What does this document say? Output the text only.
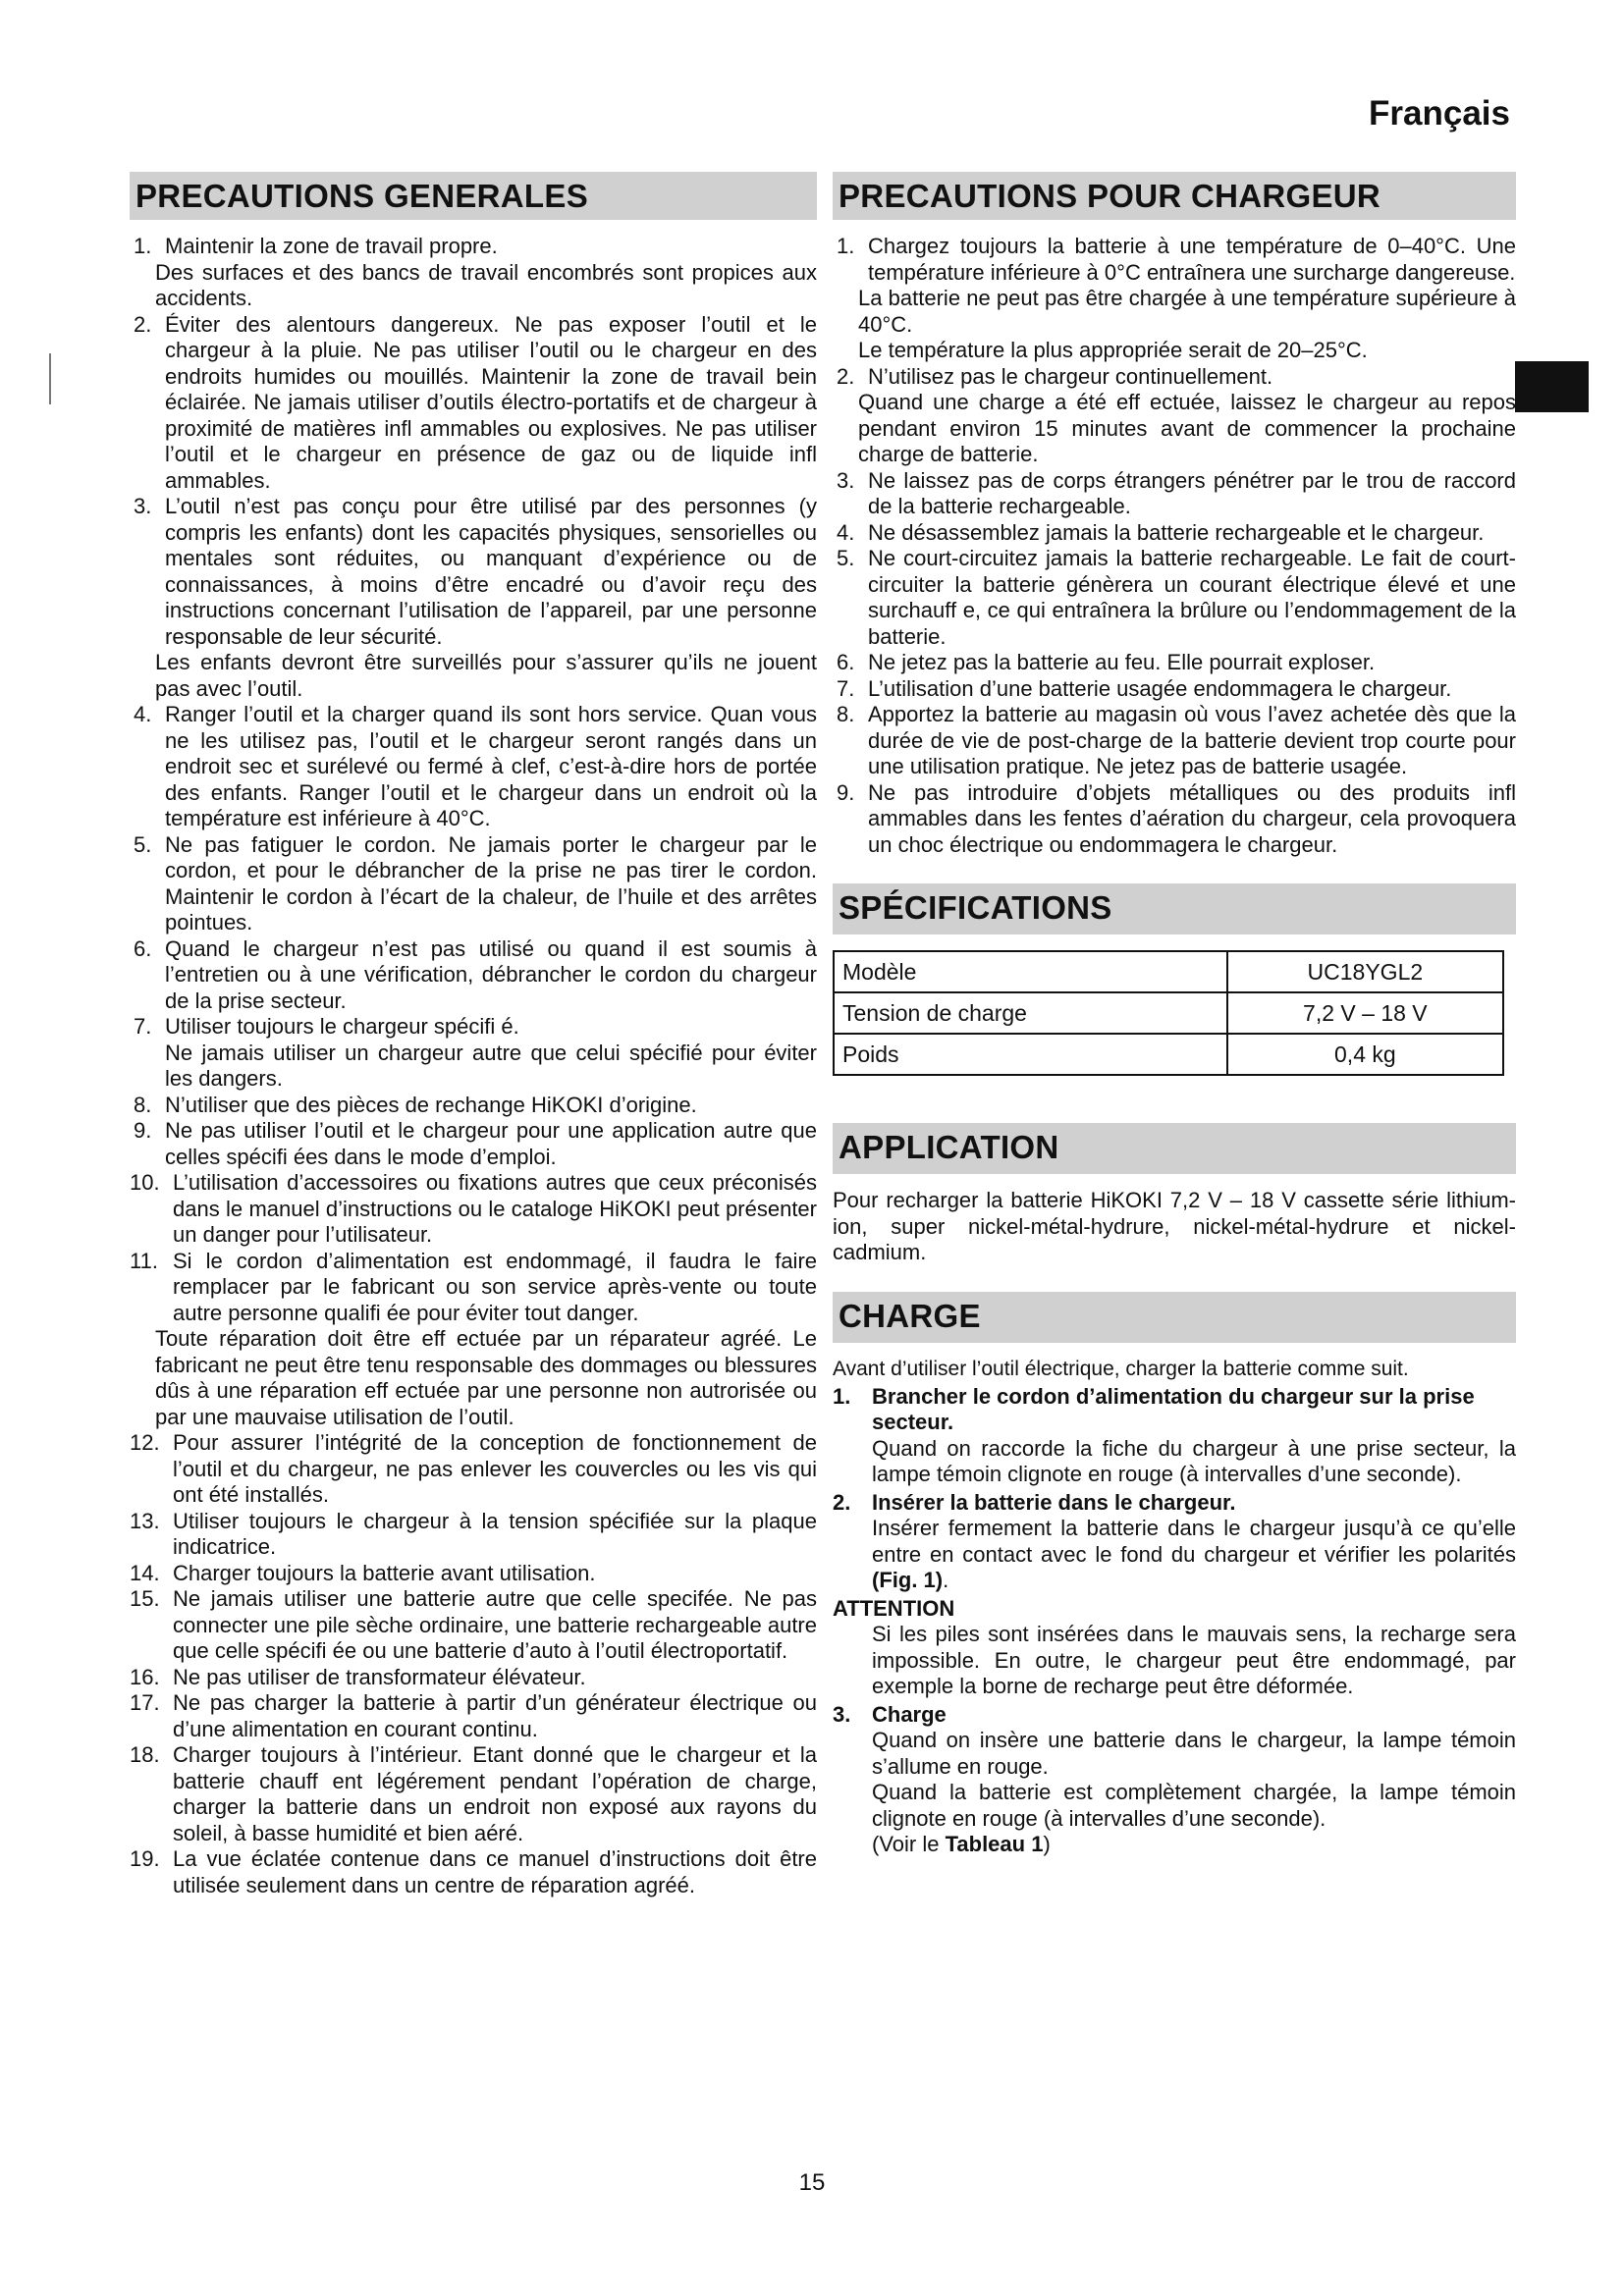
Français
PRECAUTIONS GENERALES
1. Maintenir la zone de travail propre.
Des surfaces et des bancs de travail encombrés sont propices aux accidents.
2. Éviter des alentours dangereux. Ne pas exposer l’outil et le chargeur à la pluie. Ne pas utiliser l’outil ou le chargeur en des endroits humides ou mouillés. Maintenir la zone de travail bein éclairée. Ne jamais utiliser d’outils électro-portatifs et de chargeur à proximité de matières infl ammables ou explosives. Ne pas utiliser l’outil et le chargeur en présence de gaz ou de liquide infl ammables.
3. L’outil n’est pas conçu pour être utilisé par des personnes (y compris les enfants) dont les capacités physiques, sensorielles ou mentales sont réduites, ou manquant d’expérience ou de connaissances, à moins d’être encadré ou d’avoir reçu des instructions concernant l’utilisation de l’appareil, par une personne responsable de leur sécurité.
Les enfants devront être surveillés pour s’assurer qu’ils ne jouent pas avec l’outil.
4. Ranger l’outil et la charger quand ils sont hors service. Quan vous ne les utilisez pas, l’outil et le chargeur seront rangés dans un endroit sec et surélevé ou fermé à clef, c’est-à-dire hors de portée des enfants. Ranger l’outil et le chargeur dans un endroit où la température est inférieure à 40°C.
5. Ne pas fatiguer le cordon. Ne jamais porter le chargeur par le cordon, et pour le débrancher de la prise ne pas tirer le cordon. Maintenir le cordon à l’écart de la chaleur, de l’huile et des arrêtes pointues.
6. Quand le chargeur n’est pas utilisé ou quand il est soumis à l’entretien ou à une vérification, débrancher le cordon du chargeur de la prise secteur.
7. Utiliser toujours le chargeur spécifi é.
Ne jamais utiliser un chargeur autre que celui spécifié pour éviter les dangers.
8. N’utiliser que des pièces de rechange HiKOKI d’origine.
9. Ne pas utiliser l’outil et le chargeur pour une application autre que celles spécifi ées dans le mode d’emploi.
10. L’utilisation d’accessoires ou fixations autres que ceux préconisés dans le manuel d’instructions ou le cataloge HiKOKI peut présenter un danger pour l’utilisateur.
11. Si le cordon d’alimentation est endommagé, il faudra le faire remplacer par le fabricant ou son service après-vente ou toute autre personne qualifi ée pour éviter tout danger.
Toute réparation doit être eff ectuée par un réparateur agréé. Le fabricant ne peut être tenu responsable des dommages ou blessures dûs à une réparation eff ectuée par une personne non autrorisée ou par une mauvaise utilisation de l’outil.
12. Pour assurer l’intégrité de la conception de fonctionnement de l’outil et du chargeur, ne pas enlever les couvercles ou les vis qui ont été installés.
13. Utiliser toujours le chargeur à la tension spécifiée sur la plaque indicatrice.
14. Charger toujours la batterie avant utilisation.
15. Ne jamais utiliser une batterie autre que celle specifée. Ne pas connecter une pile sèche ordinaire, une batterie rechargeable autre que celle spécifi ée ou une batterie d’auto à l’outil électroportatif.
16. Ne pas utiliser de transformateur élévateur.
17. Ne pas charger la batterie à partir d’un générateur électrique ou d’une alimentation en courant continu.
18. Charger toujours à l’intérieur. Etant donné que le chargeur et la batterie chauff ent légérement pendant l’opération de charge, charger la batterie dans un endroit non exposé aux rayons du soleil, à basse humidité et bien aéré.
19. La vue éclatée contenue dans ce manuel d’instructions doit être utilisée seulement dans un centre de réparation agréé.
PRECAUTIONS POUR CHARGEUR
1. Chargez toujours la batterie à une température de 0–40°C. Une température inférieure à 0°C entraînera une surcharge dangereuse.
La batterie ne peut pas être chargée à une température supérieure à 40°C.
Le température la plus appropriée serait de 20–25°C.
2. N’utilisez pas le chargeur continuellement.
Quand une charge a été eff ectuée, laissez le chargeur au repos pendant environ 15 minutes avant de commencer la prochaine charge de batterie.
3. Ne laissez pas de corps étrangers pénétrer par le trou de raccord de la batterie rechargeable.
4. Ne désassemblez jamais la batterie rechargeable et le chargeur.
5. Ne court-circuitez jamais la batterie rechargeable. Le fait de court-circuiter la batterie génèrera un courant électrique élevé et une surchauff e, ce qui entraînera la brûlure ou l’endommagement de la batterie.
6. Ne jetez pas la batterie au feu. Elle pourrait exploser.
7. L’utilisation d’une batterie usagée endommagera le chargeur.
8. Apportez la batterie au magasin où vous l’avez achetée dès que la durée de vie de post-charge de la batterie devient trop courte pour une utilisation pratique. Ne jetez pas de batterie usagée.
9. Ne pas introduire d’objets métalliques ou des produits infl ammables dans les fentes d’aération du chargeur, cela provoquera un choc électrique ou endommagera le chargeur.
SPÉCIFICATIONS
Modèle	UC18YGL2
Tension de charge	7,2 V – 18 V
Poids	0,4 kg
APPLICATION
Pour recharger la batterie HiKOKI 7,2 V – 18 V cassette série lithium-ion, super nickel-métal-hydrure, nickel-métal-hydrure et nickel-cadmium.
CHARGE
Avant d’utiliser l’outil électrique, charger la batterie comme suit.
1. Brancher le cordon d’alimentation du chargeur sur la prise secteur.
Quand on raccorde la fiche du chargeur à une prise secteur, la lampe témoin clignote en rouge (à intervalles d’une seconde).
2. Insérer la batterie dans le chargeur.
Insérer fermement la batterie dans le chargeur jusqu’à ce qu’elle entre en contact avec le fond du chargeur et vérifier les polarités (Fig. 1).
ATTENTION
Si les piles sont insérées dans le mauvais sens, la recharge sera impossible. En outre, le chargeur peut être endommagé, par exemple la borne de recharge peut être déformée.
3. Charge
Quand on insère une batterie dans le chargeur, la lampe témoin s’allume en rouge.
Quand la batterie est complètement chargée, la lampe témoin clignote en rouge (à intervalles d’une seconde).
(Voir le Tableau 1)
15
